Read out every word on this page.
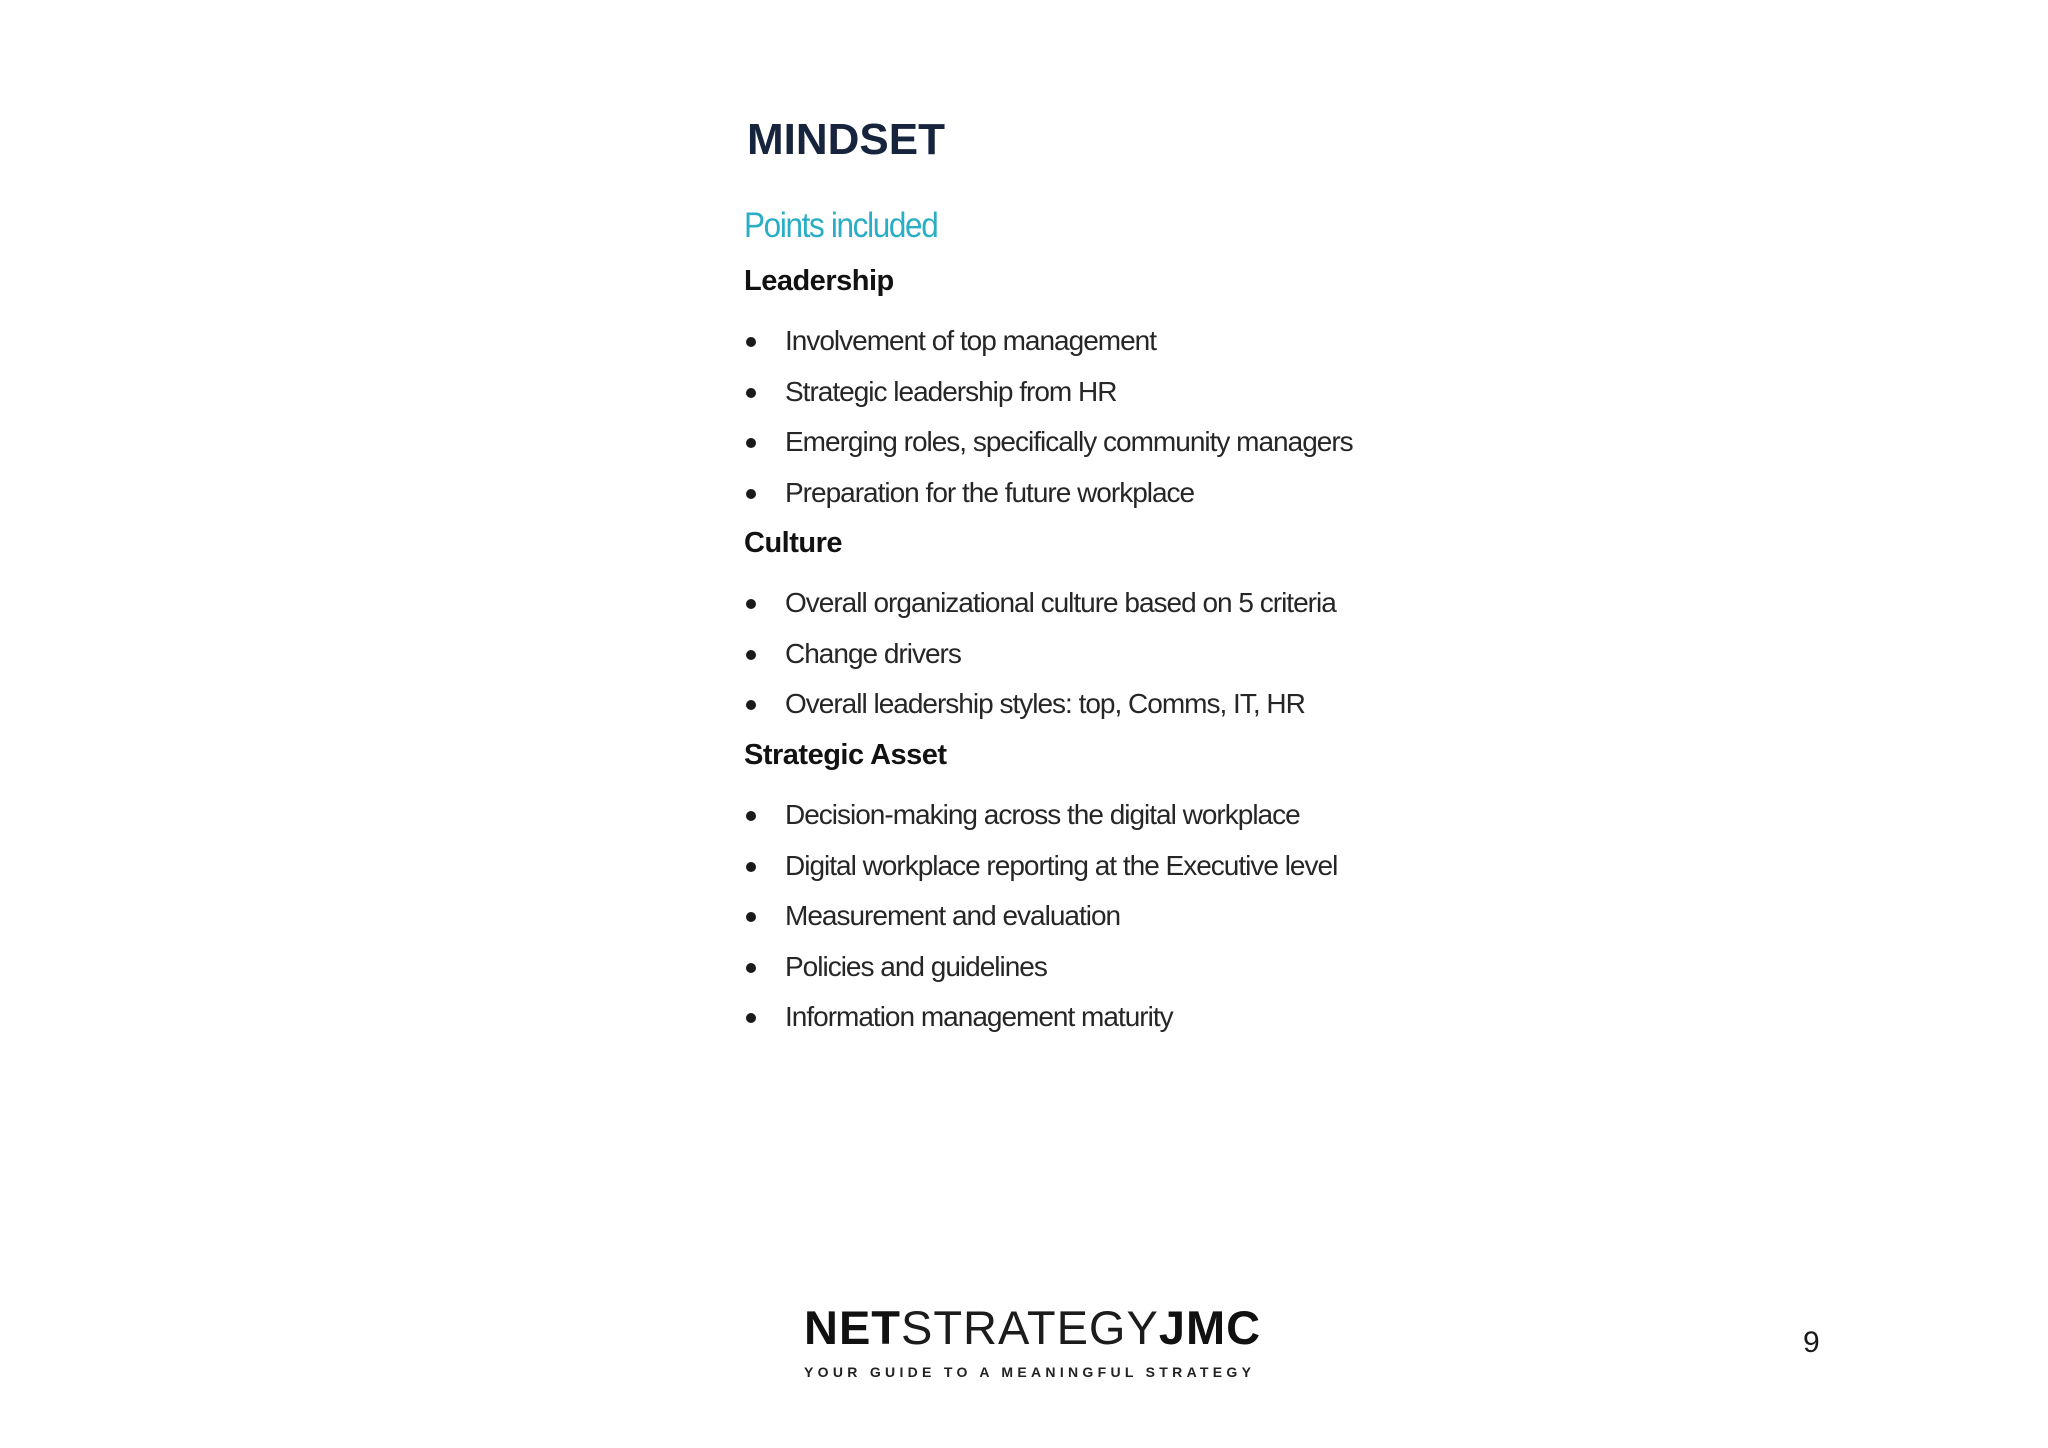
MINDSET
Points included
Leadership
Involvement of top management
Strategic leadership from HR
Emerging roles, specifically community managers
Preparation for the future workplace
Culture
Overall organizational culture based on 5 criteria
Change drivers
Overall leadership styles: top, Comms, IT, HR
Strategic Asset
Decision-making across the digital workplace
Digital workplace reporting at the Executive level
Measurement and evaluation
Policies and guidelines
Information management maturity
NETSTRATEGYJMC
YOUR GUIDE TO A MEANINGFUL STRATEGY
9
